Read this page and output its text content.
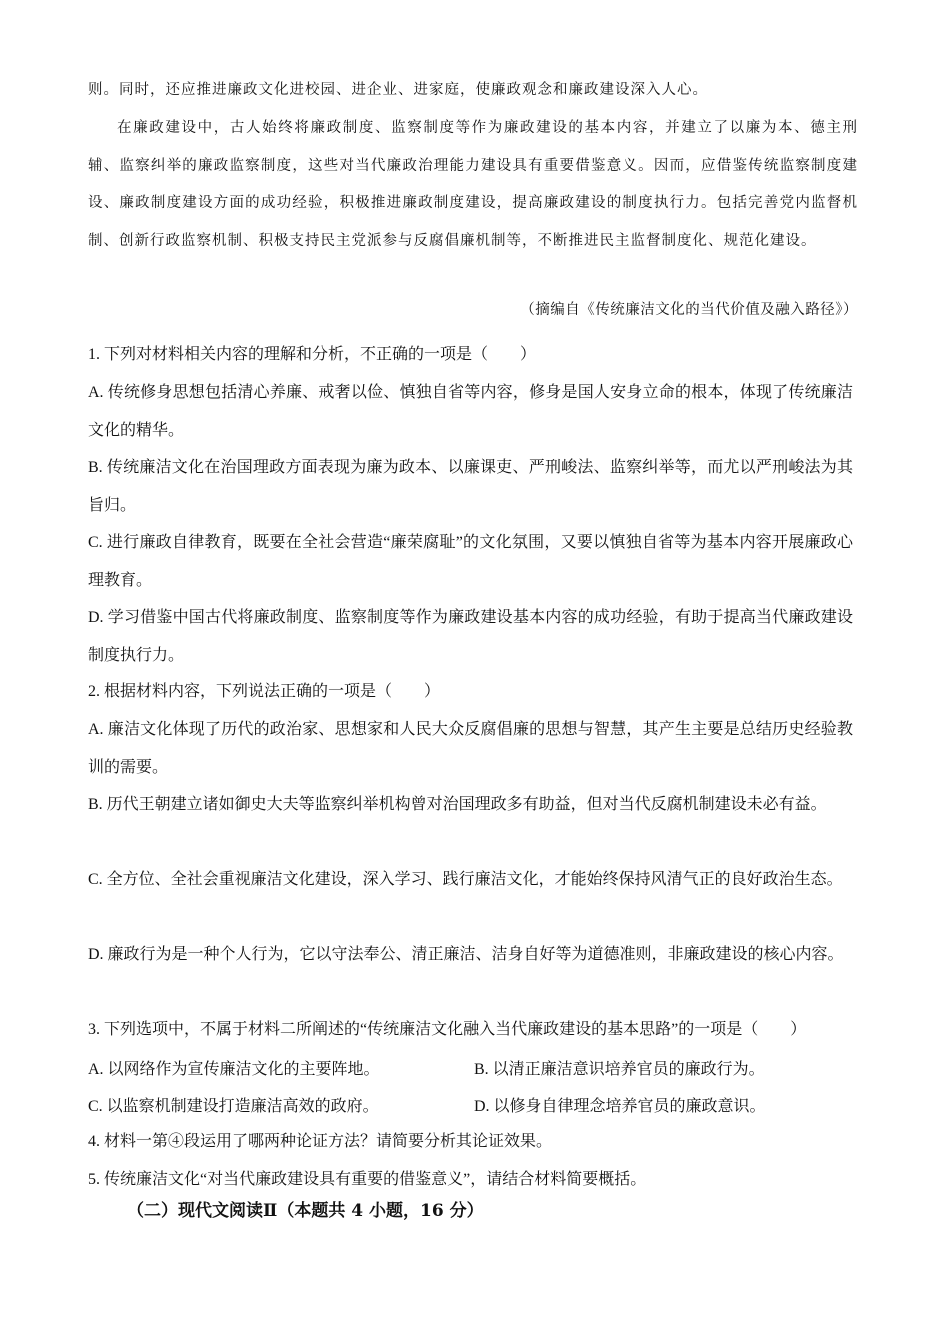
则。同时，还应推进廉政文化进校园、进企业、进家庭，使廉政观念和廉政建设深入人心。

在廉政建设中，古人始终将廉政制度、监察制度等作为廉政建设的基本内容，并建立了以廉为本、德主刑辅、监察纠举的廉政监察制度，这些对当代廉政治理能力建设具有重要借鉴意义。因而，应借鉴传统监察制度建设、廉政制度建设方面的成功经验，积极推进廉政制度建设，提高廉政建设的制度执行力。包括完善党内监督机制、创新行政监察机制、积极支持民主党派参与反腐倡廉机制等，不断推进民主监督制度化、规范化建设。

（摘编自《传统廉洁文化的当代价值及融入路径》）

1. 下列对材料相关内容的理解和分析，不正确的一项是（　　）

A. 传统修身思想包括清心养廉、戒奢以俭、慎独自省等内容，修身是国人安身立命的根本，体现了传统廉洁文化的精华。

B. 传统廉洁文化在治国理政方面表现为廉为政本、以廉课吏、严刑峻法、监察纠举等，而尤以严刑峻法为其旨归。

C. 进行廉政自律教育，既要在全社会营造“廉荣腐耻”的文化氛围，又要以慎独自省等为基本内容开展廉政心理教育。

D. 学习借鉴中国古代将廉政制度、监察制度等作为廉政建设基本内容的成功经验，有助于提高当代廉政建设制度执行力。

2. 根据材料内容，下列说法正确的一项是（　　）

A. 廉洁文化体现了历代的政治家、思想家和人民大众反腐倡廉的思想与智慧，其产生主要是总结历史经验教训的需要。

B. 历代王朝建立诸如御史大夫等监察纠举机构曾对治国理政多有助益，但对当代反腐机制建设未必有益。

C. 全方位、全社会重视廉洁文化建设，深入学习、践行廉洁文化，才能始终保持风清气正的良好政治生态。

D. 廉政行为是一种个人行为，它以守法奉公、清正廉洁、洁身自好等为道德准则，非廉政建设的核心内容。

3. 下列选项中，不属于材料二所阐述的“传统廉洁文化融入当代廉政建设的基本思路”的一项是（　　）

A. 以网络作为宣传廉洁文化的主要阵地。	B. 以清正廉洁意识培养官员的廉政行为。
C. 以监察机制建设打造廉洁高效的政府。	D. 以修身自律理念培养官员的廉政意识。

4. 材料一第④段运用了哪两种论证方法？请简要分析其论证效果。

5. 传统廉洁文化“对当代廉政建设具有重要的借鉴意义”，请结合材料简要概括。

（二）现代文阅读Ⅱ（本题共 4 小题，16 分）
